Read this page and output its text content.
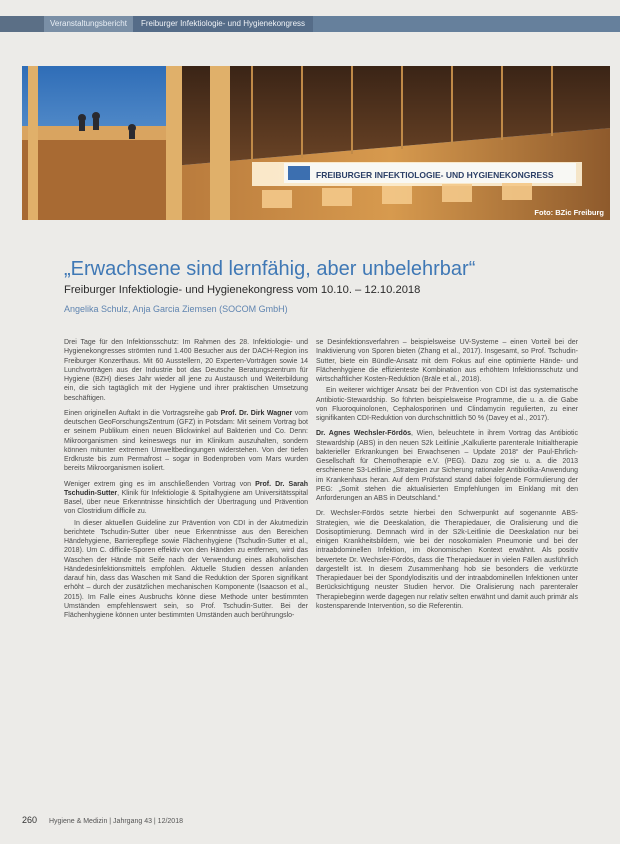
Veranstaltungsbericht	Freiburger Infektiologie- und Hygienekongress
FREIBURGER INFEKTIOLOGIE- UND HYGIENEKONGRESS
Foto: BZic Freiburg
„Erwachsene sind lernfähig, aber unbelehrbar“
Freiburger Infektiologie- und Hygienekongress vom 10.10. – 12.10.2018
Angelika Schulz, Anja Garcia Ziemsen (SOCOM GmbH)

Drei Tage für den Infektionsschutz: Im Rahmen des 28. Infektiologie- und Hygienekongresses strömten rund 1.400 Besucher aus der DACH-Region ins Freiburger Konzerthaus. Mit 60 Ausstellern, 20 Experten-Vorträgen sowie 14 Lunchvorträgen aus der Industrie bot das Deutsche Beratungszentrum für Hygiene (BZH) dieses Jahr wieder all jene zu Austausch und Weiterbildung ein, die sich tagtäglich mit der Hygiene und ihrer praktischen Umsetzung beschäftigen.

Einen originellen Auftakt in die Vortragsreihe gab Prof. Dr. Dirk Wagner vom deutschen GeoForschungsZentrum (GFZ) in Potsdam: Mit seinem Vortrag bot er seinem Publikum einen neuen Blickwinkel auf Bakterien und Co. Denn: Mikroorganismen sind keineswegs nur im Klinikum auszuhalten, sondern können mitunter extremen Umweltbedingungen widerstehen. Von der tiefen Erdkruste bis zum Permafrost – sogar in Bodenproben vom Mars wurden bereits Mikroorganismen isoliert.

Weniger extrem ging es im anschließenden Vortrag von Prof. Dr. Sarah Tschudin-Sutter, Klinik für Infektiologie & Spitalhygiene am Universitätsspital Basel, über neue Erkenntnisse hinsichtlich der Übertragung und Prävention von Clostridium difficile zu.

In dieser aktuellen Guideline zur Prävention von CDI in der Akutmedizin berichtete Tschudin-Sutter über neue Erkenntnisse aus den Bereichen Händehygiene, Barrierepflege sowie Flächenhygiene (Tschudin-Sutter et al., 2018). Um C. difficile-Sporen effektiv von den Händen zu entfernen, wird das Waschen der Hände mit Seife nach der Verwendung eines alkoholischen Händedesinfektionsmittels empfohlen. Aktuelle Studien dessen anlanden darauf hin, dass das Waschen mit Sand die Reduktion der Sporen signifikant erhöht – durch der zusätzlichen mechanischen Komponente (Isaacson et al., 2015). Im Falle eines Ausbruchs könne diese Methode unter bestimmten Umständen empfehlenswert sein, so Prof. Tschudin-Sutter. Bei der Flächenhygiene können unter bestimmten Umständen auch berührungslo-

se Desinfektionsverfahren – beispielsweise UV-Systeme – einen Vorteil bei der Inaktivierung von Sporen bieten (Zhang et al., 2017). Insgesamt, so Prof. Tschudin-Sutter, biete ein Bündle-Ansatz mit dem Fokus auf eine optimierte Hände- und Flächenhygiene die effizienteste Kombination aus erhöhtem Infektionsschutz und wirtschaftlicher Kosten-Reduktion (Bräle et al., 2018).

Ein weiterer wichtiger Ansatz bei der Prävention von CDI ist das systematische Antibiotic-Stewardship. So führten beispielsweise Programme, die u. a. die Gabe von Fluoroquinolonen, Cephalosporinen und Clindamycin regulierten, zu einer signifikanten CDI-Reduktion von durchschnittlich 50 % (Davey et al., 2017).

Dr. Agnes Wechsler-Fördös, Wien, beleuchtete in ihrem Vortrag das Antibiotic Stewardship (ABS) in den neuen S2k Leitlinie „Kalkulierte parenterale Initialtherapie bakterieller Erkrankungen bei Erwachsenen – Update 2018“ der Paul-Ehrlich-Gesellschaft für Chemotherapie e.V. (PEG). Dazu zog sie u. a. die 2013 erschienene S3-Leitlinie „Strategien zur Sicherung rationaler Antibiotika-Anwendung im Krankenhaus heran. Auf dem Prüfstand stand dabei folgende Formulierung der PEG: „Somit stehen die aktualisierten Empfehlungen im Einklang mit den Anforderungen an ABS in Deutschland.“

Dr. Wechsler-Fördös setzte hierbei den Schwerpunkt auf sogenannte ABS-Strategien, wie die Deeskalation, die Therapiedauer, die Oralisierung und die Dosisoptimierung. Demnach wird in der S2k-Leitlinie die Deeskalation nur bei einigen Krankheitsbildern, wie bei der nosokomialen Pneumonie und bei der intraabdominellen Infektion, im ökonomischen Kontext erwähnt. Als positiv bewertete Dr. Wechsler-Fördös, dass die Therapiedauer in vielen Fällen ausführlich dargestellt ist. In diesem Zusammenhang hob sie besonders die verkürzte Therapiedauer bei der Spondylodiszitis und der intraabdominellen Infektionen unter Berücksichtigung neuster Studien hervor. Die Oralisierung nach parenteraler Therapiebeginn werde dagegen nur relativ selten erwähnt und damit auch primär als kostensparende Intervention, so die Referentin.

260 Hygiene & Medizin | Jahrgang 43 | 12/2018
